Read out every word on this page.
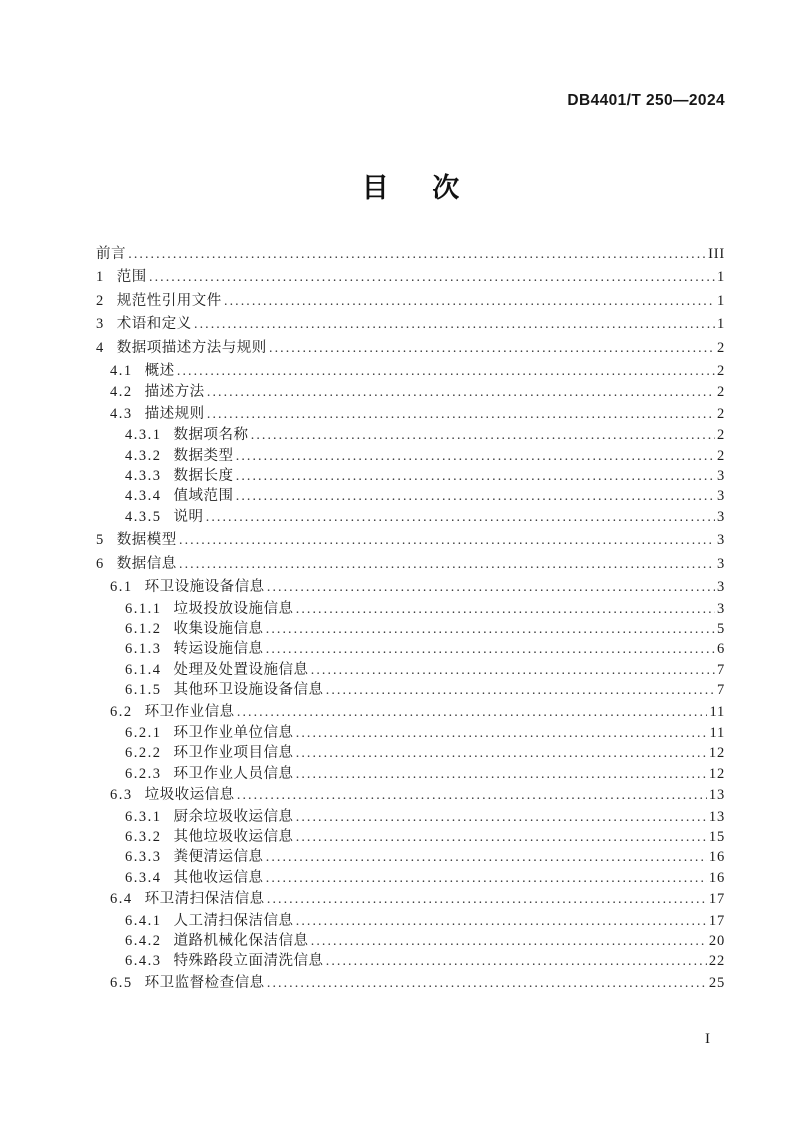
DB4401/T 250—2024
目 次
前言 .....	III
1 范围 .....	1
2 规范性引用文件 .....	1
3 术语和定义 .....	1
4 数据项描述方法与规则 .....	2
4.1 概述 .....	2
4.2 描述方法 .....	2
4.3 描述规则 .....	2
4.3.1 数据项名称 .....	2
4.3.2 数据类型 .....	2
4.3.3 数据长度 .....	3
4.3.4 值域范围 .....	3
4.3.5 说明 .....	3
5 数据模型 .....	3
6 数据信息 .....	3
6.1 环卫设施设备信息 .....	3
6.1.1 垃圾投放设施信息 .....	3
6.1.2 收集设施信息 .....	5
6.1.3 转运设施信息 .....	6
6.1.4 处理及处置设施信息 .....	7
6.1.5 其他环卫设施设备信息 .....	7
6.2 环卫作业信息 .....	11
6.2.1 环卫作业单位信息 .....	11
6.2.2 环卫作业项目信息 .....	12
6.2.3 环卫作业人员信息 .....	12
6.3 垃圾收运信息 .....	13
6.3.1 厨余垃圾收运信息 .....	13
6.3.2 其他垃圾收运信息 .....	15
6.3.3 粪便清运信息 .....	16
6.3.4 其他收运信息 .....	16
6.4 环卫清扫保洁信息 .....	17
6.4.1 人工清扫保洁信息 .....	17
6.4.2 道路机械化保洁信息 .....	20
6.4.3 特殊路段立面清洗信息 .....	22
6.5 环卫监督检查信息 .....	25
I
